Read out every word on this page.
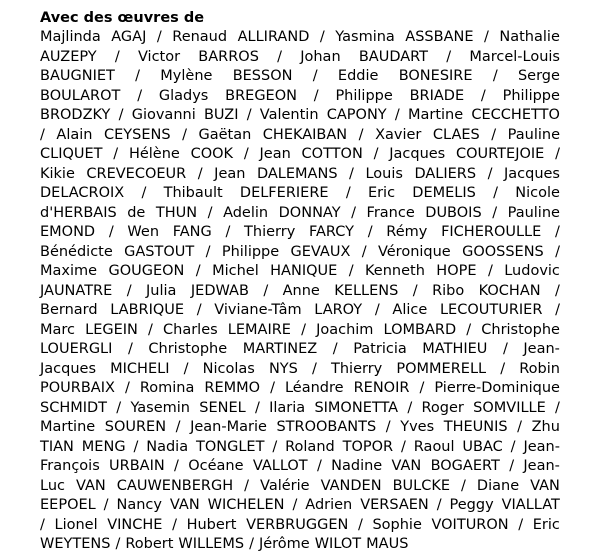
Avec des œuvres de
Majlinda AGAJ / Renaud ALLIRAND / Yasmina ASSBANE / Nathalie
AUZEPY / Victor BARROS / Johan BAUDART / Marcel-Louis
BAUGNIET / Mylène BESSON / Eddie BONESIRE / Serge
BOULAROT / Gladys BREGEON / Philippe BRIADE / Philippe
BRODZKY / Giovanni BUZI / Valentin CAPONY / Martine CECCHETTO
/ Alain CEYSENS / Gaëtan CHEKAIBAN / Xavier CLAES / Pauline
CLIQUET / Hélène COOK / Jean COTTON / Jacques COURTEJOIE /
Kikie CREVECOEUR / Jean DALEMANS / Louis DALIERS / Jacques
DELACROIX / Thibault DELFERIERE / Eric DEMELIS / Nicole
d'HERBAIS de THUN / Adelin DONNAY / France DUBOIS / Pauline
EMOND / Wen FANG / Thierry FARCY / Rémy FICHEROULLE /
Bénédicte GASTOUT / Philippe GEVAUX / Véronique GOOSSENS /
Maxime GOUGEON / Michel HANIQUE / Kenneth HOPE / Ludovic
JAUNATRE / Julia JEDWAB / Anne KELLENS / Ribo KOCHAN /
Bernard LABRIQUE / Viviane-Tâm LAROY / Alice LECOUTURIER /
Marc LEGEIN / Charles LEMAIRE / Joachim LOMBARD / Christophe
LOUERGLI / Christophe MARTINEZ / Patricia MATHIEU / Jean-
Jacques MICHELI / Nicolas NYS / Thierry POMMERELL / Robin
POURBAIX / Romina REMMO / Léandre RENOIR / Pierre-Dominique
SCHMIDT / Yasemin SENEL / Ilaria SIMONETTA / Roger SOMVILLE /
Martine SOUREN / Jean-Marie STROOBANTS / Yves THEUNIS / Zhu
TIAN MENG / Nadia TONGLET / Roland TOPOR / Raoul UBAC / Jean-
François URBAIN / Océane VALLOT / Nadine VAN BOGAERT / Jean-
Luc VAN CAUWENBERGH / Valérie VANDEN BULCKE / Diane VAN
EEPOEL / Nancy VAN WICHELEN / Adrien VERSAEN / Peggy VIALLAT
/ Lionel VINCHE / Hubert VERBRUGGEN / Sophie VOITURON / Eric
WEYTENS / Robert WILLEMS / Jérôme WILOT MAUS
